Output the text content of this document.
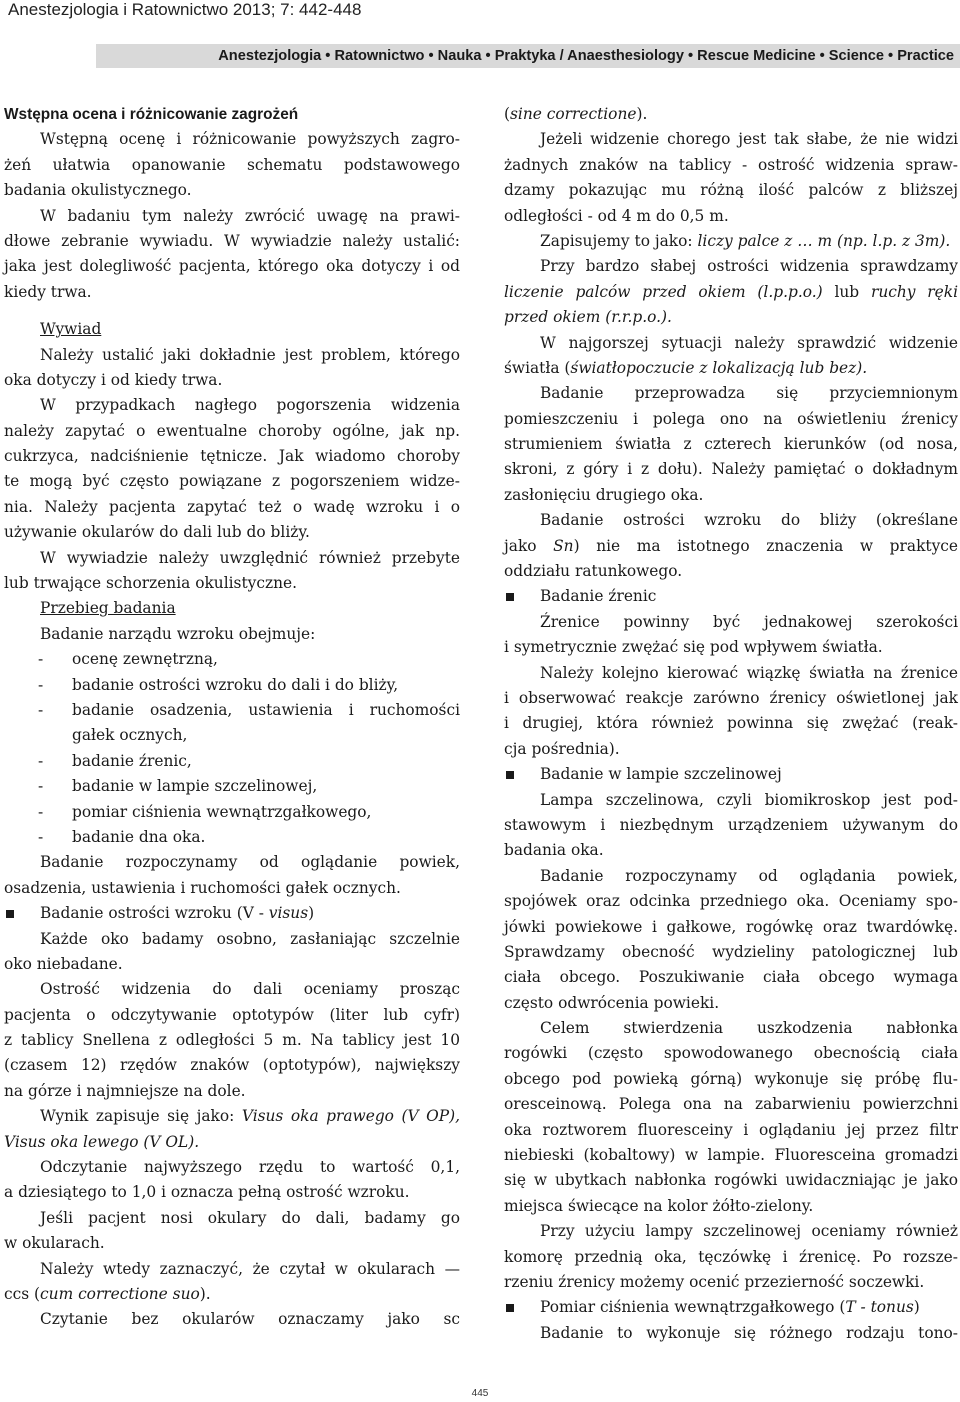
Anestezjologia i Ratownictwo 2013; 7: 442-448
Anestezjologia • Ratownictwo • Nauka • Praktyka / Anaesthesiology • Rescue Medicine • Science • Practice
Wstępna ocena i różnicowanie zagrożeń
Wstępną ocenę i różnicowanie powyższych zagro-
żeń ułatwia opanowanie schematu podstawowego
badania okulistycznego.
W badaniu tym należy zwrócić uwagę na prawi-
dłowe zebranie wywiadu. W wywiadzie należy ustalić:
jaka jest dolegliwość pacjenta, którego oka dotyczy i od
kiedy trwa.
Wywiad
Należy ustalić jaki dokładnie jest problem, którego
oka dotyczy i od kiedy trwa.
W przypadkach nagłego pogorszenia widzenia
należy zapytać o ewentualne choroby ogólne, jak np.
cukrzyca, nadciśnienie tętnicze. Jak wiadomo choroby
te mogą być często powiązane z pogorszeniem widze-
nia. Należy pacjenta zapytać też o wadę wzroku i o
używanie okularów do dali lub do bliży.
W wywiadzie należy uwzględnić również przebyte
lub trwające schorzenia okulistyczne.
Przebieg badania
Badanie narządu wzroku obejmuje:
- ocenę zewnętrzną,
- badanie ostrości wzroku do dali i do bliży,
- badanie osadzenia, ustawienia i ruchomości
gałek ocznych,
- badanie źrenic,
- badanie w lampie szczelinowej,
- pomiar ciśnienia wewnątrzgałkowego,
- badanie dna oka.
Badanie rozpoczynamy od oglądanie powiek,
osadzenia, ustawienia i ruchomości gałek ocznych.
Badanie ostrości wzroku (V - visus)
Każde oko badamy osobno, zasłaniając szczelnie
oko niebadane.
Ostrość widzenia do dali oceniamy prosząc
pacjenta o odczytywanie optotypów (liter lub cyfr)
z tablicy Snellena z odległości 5 m. Na tablicy jest 10
(czasem 12) rzędów znaków (optotypów), największy
na górze i najmniejsze na dole.
Wynik zapisuje się jako: Visus oka prawego (V OP),
Visus oka lewego (V OL).
Odczytanie najwyższego rzędu to wartość 0,1,
a dziesiątego to 1,0 i oznacza pełną ostrość wzroku.
Jeśli pacjent nosi okulary do dali, badamy go
w okularach.
Należy wtedy zaznaczyć, że czytał w okularach —
ccs (cum correctione suo).
Czytanie bez okularów oznaczamy jako sc
(sine correctione).
Jeżeli widzenie chorego jest tak słabe, że nie widzi
żadnych znaków na tablicy - ostrość widzenia spraw-
dzamy pokazując mu różną ilość palców z bliższej
odległości - od 4 m do 0,5 m.
Zapisujemy to jako: liczy palce z … m (np. l.p. z 3m).
Przy bardzo słabej ostrości widzenia sprawdzamy
liczenie palców przed okiem (l.p.p.o.) lub ruchy ręki
przed okiem (r.r.p.o.).
W najgorszej sytuacji należy sprawdzić widzenie
światła (światłopoczucie z lokalizacją lub bez).
Badanie przeprowadza się przyciemnionym
pomieszczeniu i polega ono na oświetleniu źrenicy
strumieniem światła z czterech kierunków (od nosa,
skroni, z góry i z dołu). Należy pamiętać o dokładnym
zasłonięciu drugiego oka.
Badanie ostrości wzroku do bliży (określane
jako Sn) nie ma istotnego znaczenia w praktyce
oddziału ratunkowego.
Badanie źrenic
Źrenice powinny być jednakowej szerokości
i symetrycznie zwężać się pod wpływem światła.
Należy kolejno kierować wiązkę światła na źrenice
i obserwować reakcje zarówno źrenicy oświetlonej jak
i drugiej, która również powinna się zwężać (reak-
cja pośrednia).
Badanie w lampie szczelinowej
Lampa szczelinowa, czyli biomikroskop jest pod-
stawowym i niezbędnym urządzeniem używanym do
badania oka.
Badanie rozpoczynamy od oglądania powiek,
spojówek oraz odcinka przedniego oka. Oceniamy spo-
jówki powiekowe i gałkowe, rogówkę oraz twardówkę.
Sprawdzamy obecność wydzieliny patologicznej lub
ciała obcego. Poszukiwanie ciała obcego wymaga
często odwrócenia powieki.
Celem stwierdzenia uszkodzenia nabłonka
rogówki (często spowodowanego obecnością ciała
obcego pod powieką górną) wykonuje się próbę flu-
oresceinową. Polega ona na zabarwieniu powierzchni
oka roztworem fluoresceiny i oglądaniu jej przez filtr
niebieski (kobaltowy) w lampie. Fluoresceina gromadzi
się w ubytkach nabłonka rogówki uwidaczniając je jako
miejsca świecące na kolor żółto-zielony.
Przy użyciu lampy szczelinowej oceniamy również
komorę przednią oka, tęczówkę i źrenicę. Po rozsze-
rzeniu źrenicy możemy ocenić przezierność soczewki.
Pomiar ciśnienia wewnątrzgałkowego (T - tonus)
Badanie to wykonuje się różnego rodzaju tono-
445
